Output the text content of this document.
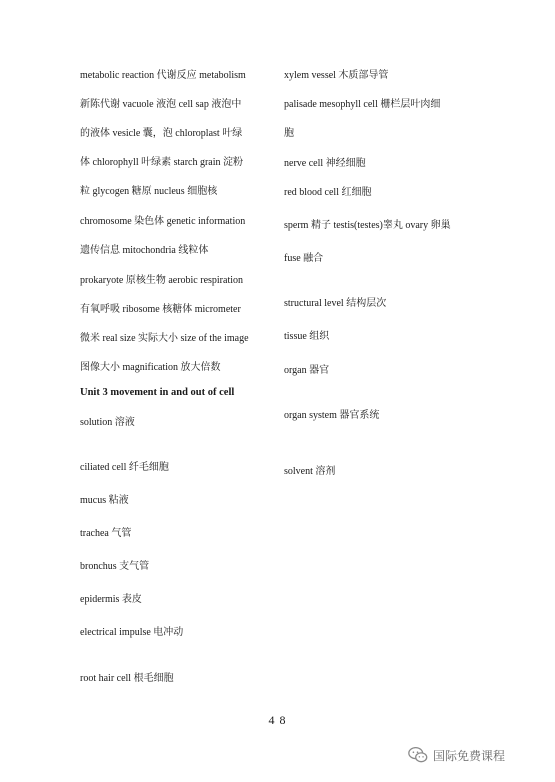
metabolic reaction 代谢反应 metabolism
新陈代谢 vacuole 液泡 cell sap 液泡中
的液体 vesicle 囊，泡 chloroplast 叶绿
体 chlorophyll 叶绿素 starch grain 淀粉
粒 glycogen 糖原 nucleus 细胞核
chromosome 染色体 genetic information
遗传信息 mitochondria 线粒体
prokaryote 原核生物 aerobic respiration
有氧呼吸 ribosome 核糖体 micrometer
微米 real size 实际大小 size of the image
图像大小 magnification 放大倍数
Unit 3 movement in and out of cell
solution 溶液
ciliated cell 纤毛细胞
mucus 粘液
trachea 气管
bronchus 支气管
epidermis 表皮
electrical impulse 电冲动
root hair cell 根毛细胞
xylem vessel 木质部导管
palisade mesophyll cell 栅栏层叶肉细
胞
nerve cell 神经细胞
red blood cell 红细胞
sperm 精子 testis(testes)睾丸 ovary 卵巢
fuse 融合
structural level 结构层次
tissue 组织
organ 器官
organ system 器官系统
solvent 溶剂
4 8
国际免费课程
